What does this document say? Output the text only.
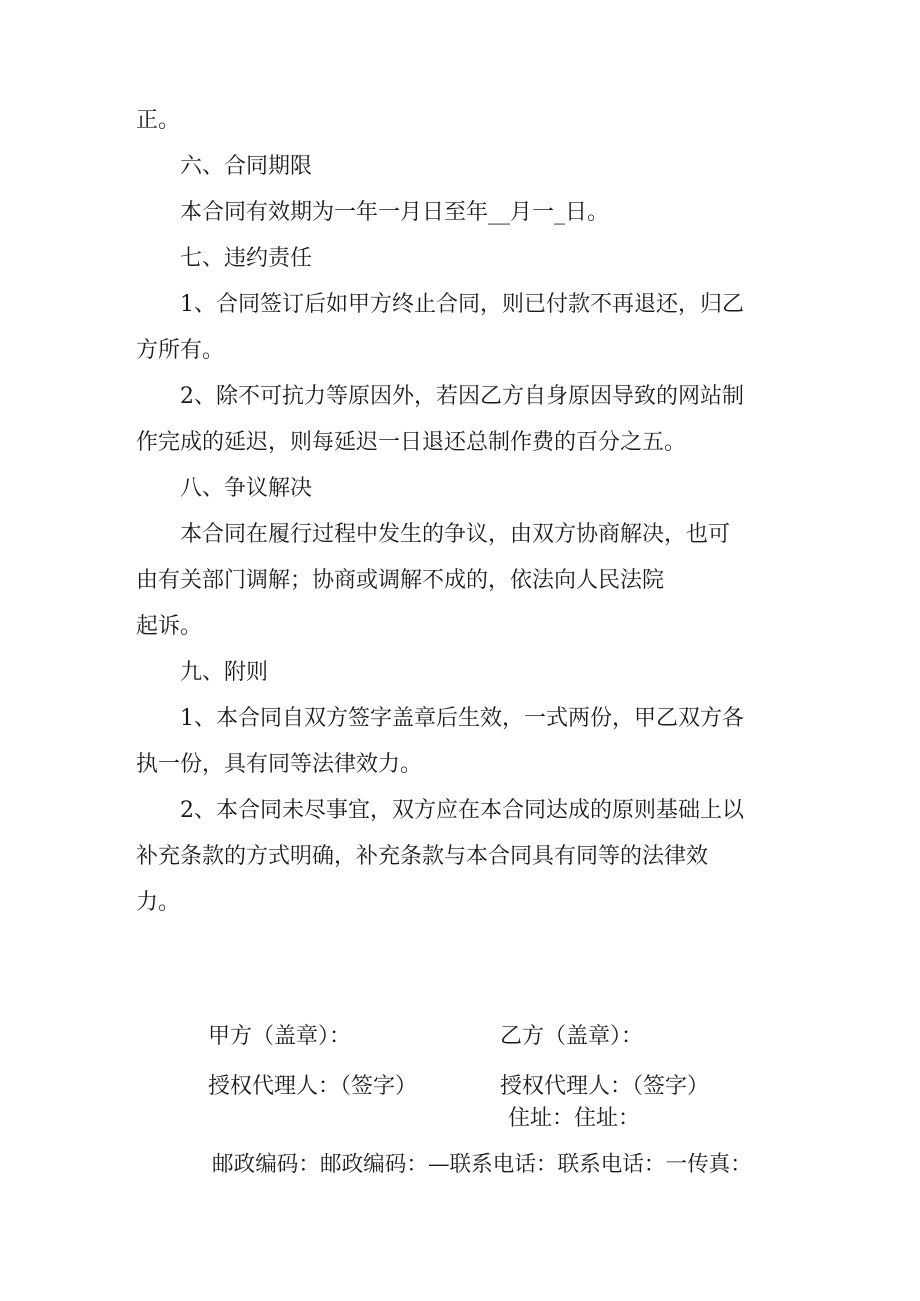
正。
六、合同期限
本合同有效期为一年一月日至年__月一_日。
七、违约责任
1、合同签订后如甲方终止合同，则已付款不再退还，归乙
方所有。
2、除不可抗力等原因外，若因乙方自身原因导致的网站制
作完成的延迟，则每延迟一日退还总制作费的百分之五。
八、争议解决
本合同在履行过程中发生的争议，由双方协商解决，也可
由有关部门调解；协商或调解不成的，依法向人民法院
起诉。
九、附则
1、本合同自双方签字盖章后生效，一式两份，甲乙双方各
执一份，具有同等法律效力。
2、本合同未尽事宜，双方应在本合同达成的原则基础上以
补充条款的方式明确，补充条款与本合同具有同等的法律效
力。
甲方（盖章）：	乙方（盖章）：
授权代理人：（签字）	授权代理人：（签字）
住址：住址：
邮政编码：邮政编码：—联系电话：联系电话：一传真：
